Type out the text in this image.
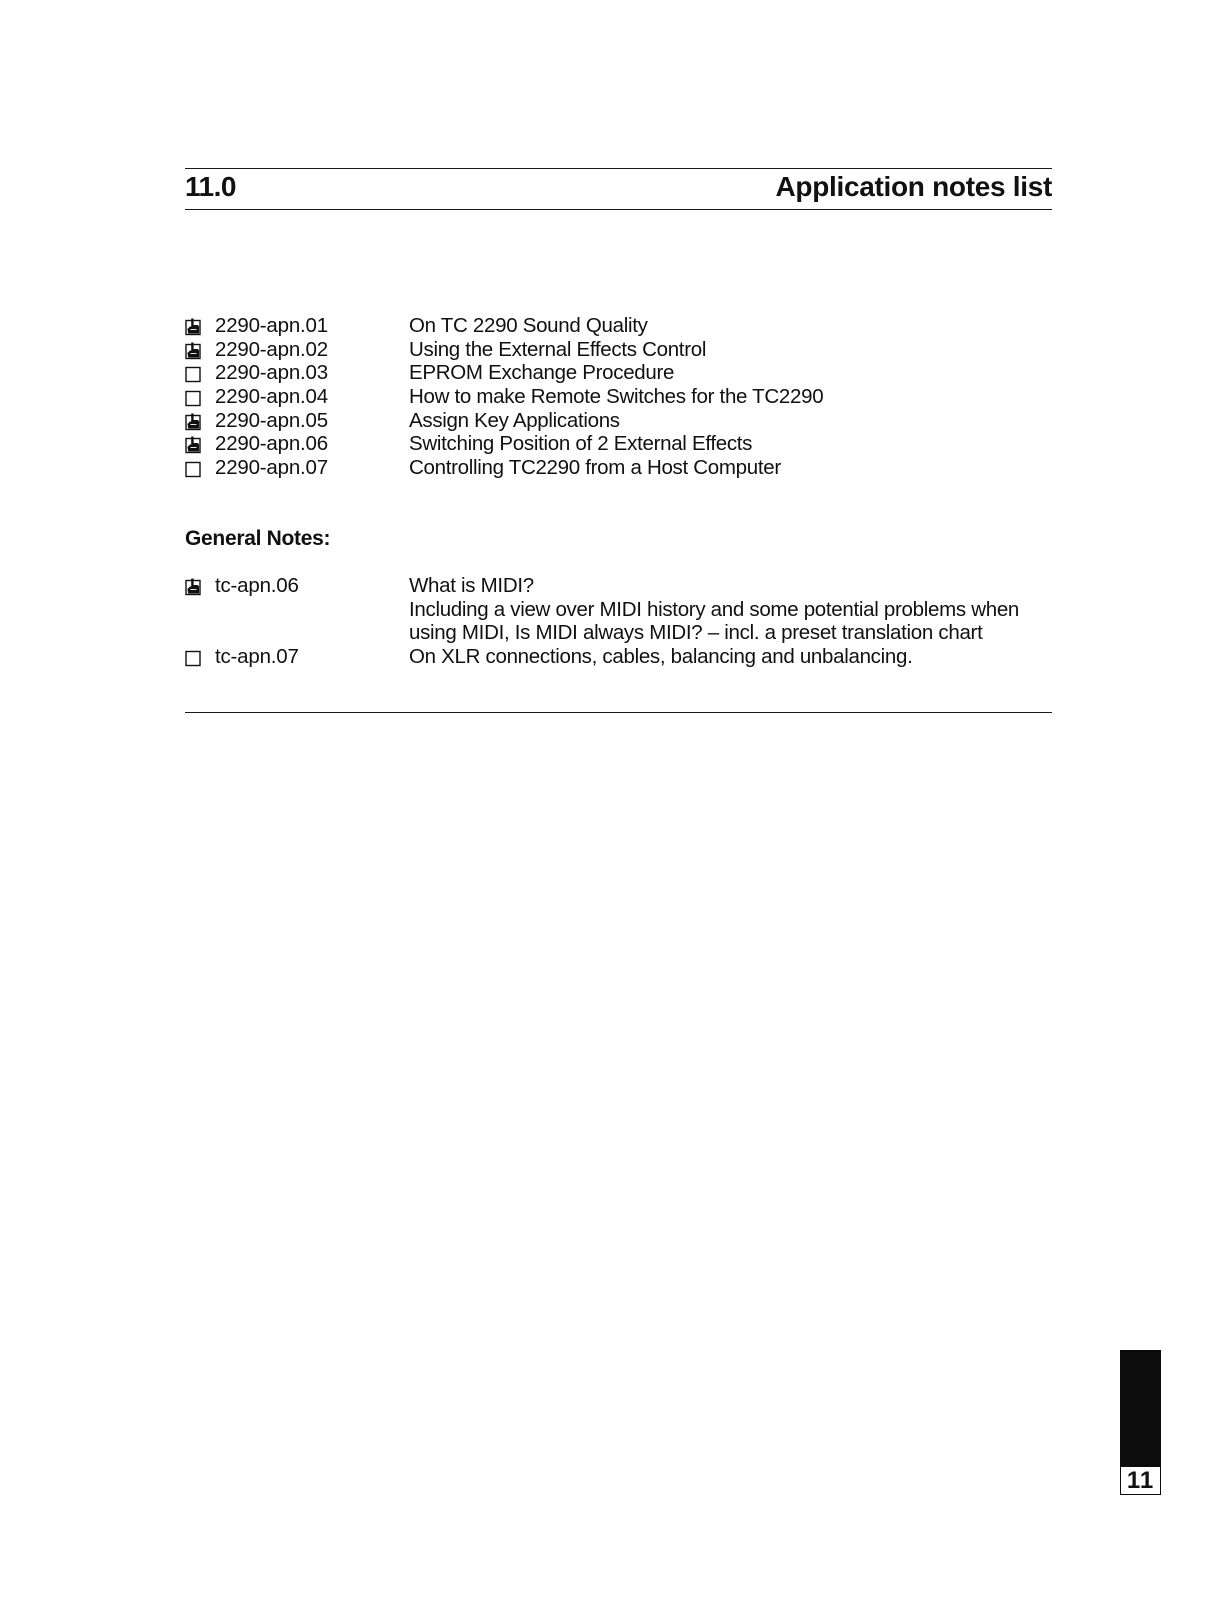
11.0	Application notes list
2290-apn.01	On TC 2290 Sound Quality
2290-apn.02	Using the External Effects Control
2290-apn.03	EPROM Exchange Procedure
2290-apn.04	How to make Remote Switches for the TC2290
2290-apn.05	Assign Key Applications
2290-apn.06	Switching Position of 2 External Effects
2290-apn.07	Controlling TC2290 from a Host Computer
General Notes:
tc-apn.06	What is MIDI?
Including a view over MIDI history and some potential problems when
using MIDI, Is MIDI always MIDI? – incl. a preset translation chart
tc-apn.07	On XLR connections, cables, balancing and unbalancing.
11
